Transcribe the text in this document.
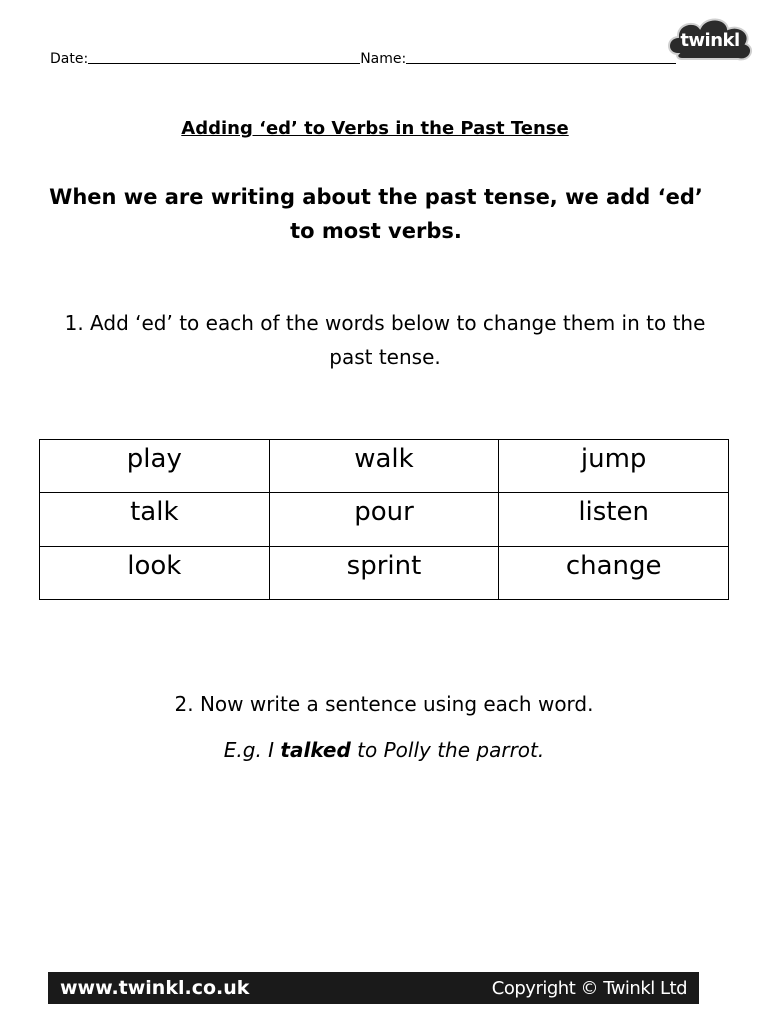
Date:	Name:
twinkl
Adding ‘ed’ to Verbs in the Past Tense
When we are writing about the past tense, we add ‘ed’ to most verbs.
1. Add ‘ed’ to each of the words below to change them in to the past tense.
play	walk	jump
talk	pour	listen
look	sprint	change
2. Now write a sentence using each word.
E.g. I talked to Polly the parrot.
www.twinkl.co.uk	Copyright © Twinkl Ltd
